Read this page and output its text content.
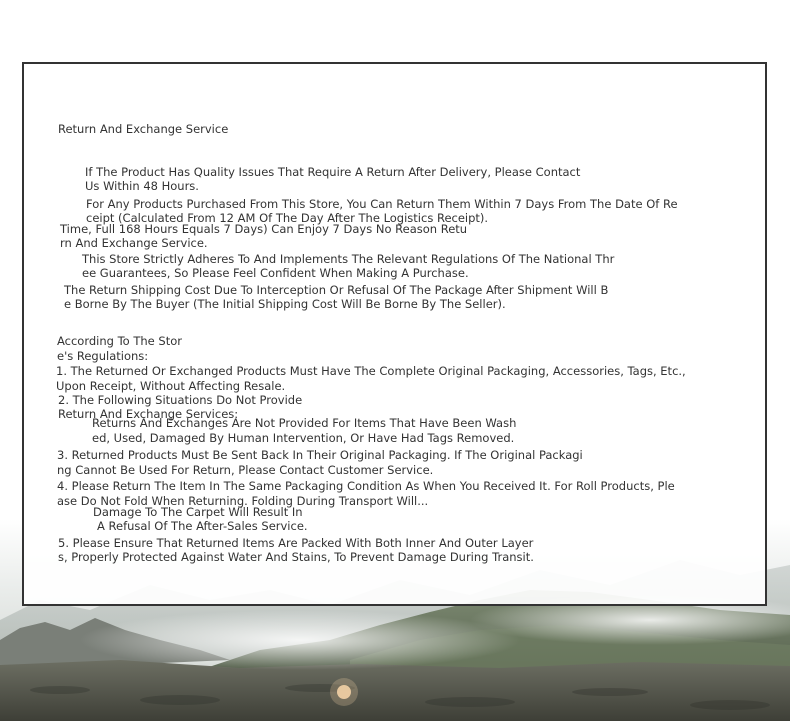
Return And Exchange Service
If The Product Has Quality Issues That Require A Return After Delivery, Please Contact
Us Within 48 Hours.
For Any Products Purchased From This Store, You Can Return Them Within 7 Days From The Date Of Re
ceipt (Calculated From 12 AM Of The Day After The Logistics Receipt).
Time, Full 168 Hours Equals 7 Days) Can Enjoy 7 Days No Reason Retu
rn And Exchange Service.
This Store Strictly Adheres To And Implements The Relevant Regulations Of The National Thr
ee Guarantees, So Please Feel Confident When Making A Purchase.
The Return Shipping Cost Due To Interception Or Refusal Of The Package After Shipment Will B
e Borne By The Buyer (The Initial Shipping Cost Will Be Borne By The Seller).
According To The Stor
e's Regulations:
1. The Returned Or Exchanged Products Must Have The Complete Original Packaging, Accessories, Tags, Etc.,
Upon Receipt, Without Affecting Resale.
2. The Following Situations Do Not Provide
Return And Exchange Services:
Returns And Exchanges Are Not Provided For Items That Have Been Wash
ed, Used, Damaged By Human Intervention, Or Have Had Tags Removed.
3. Returned Products Must Be Sent Back In Their Original Packaging. If The Original Packagi
ng Cannot Be Used For Return, Please Contact Customer Service.
4. Please Return The Item In The Same Packaging Condition As When You Received It. For Roll Products, Ple
ase Do Not Fold When Returning. Folding During Transport Will...
Damage To The Carpet Will Result In
A Refusal Of The After-Sales Service.
5. Please Ensure That Returned Items Are Packed With Both Inner And Outer Layer
s, Properly Protected Against Water And Stains, To Prevent Damage During Transit.
